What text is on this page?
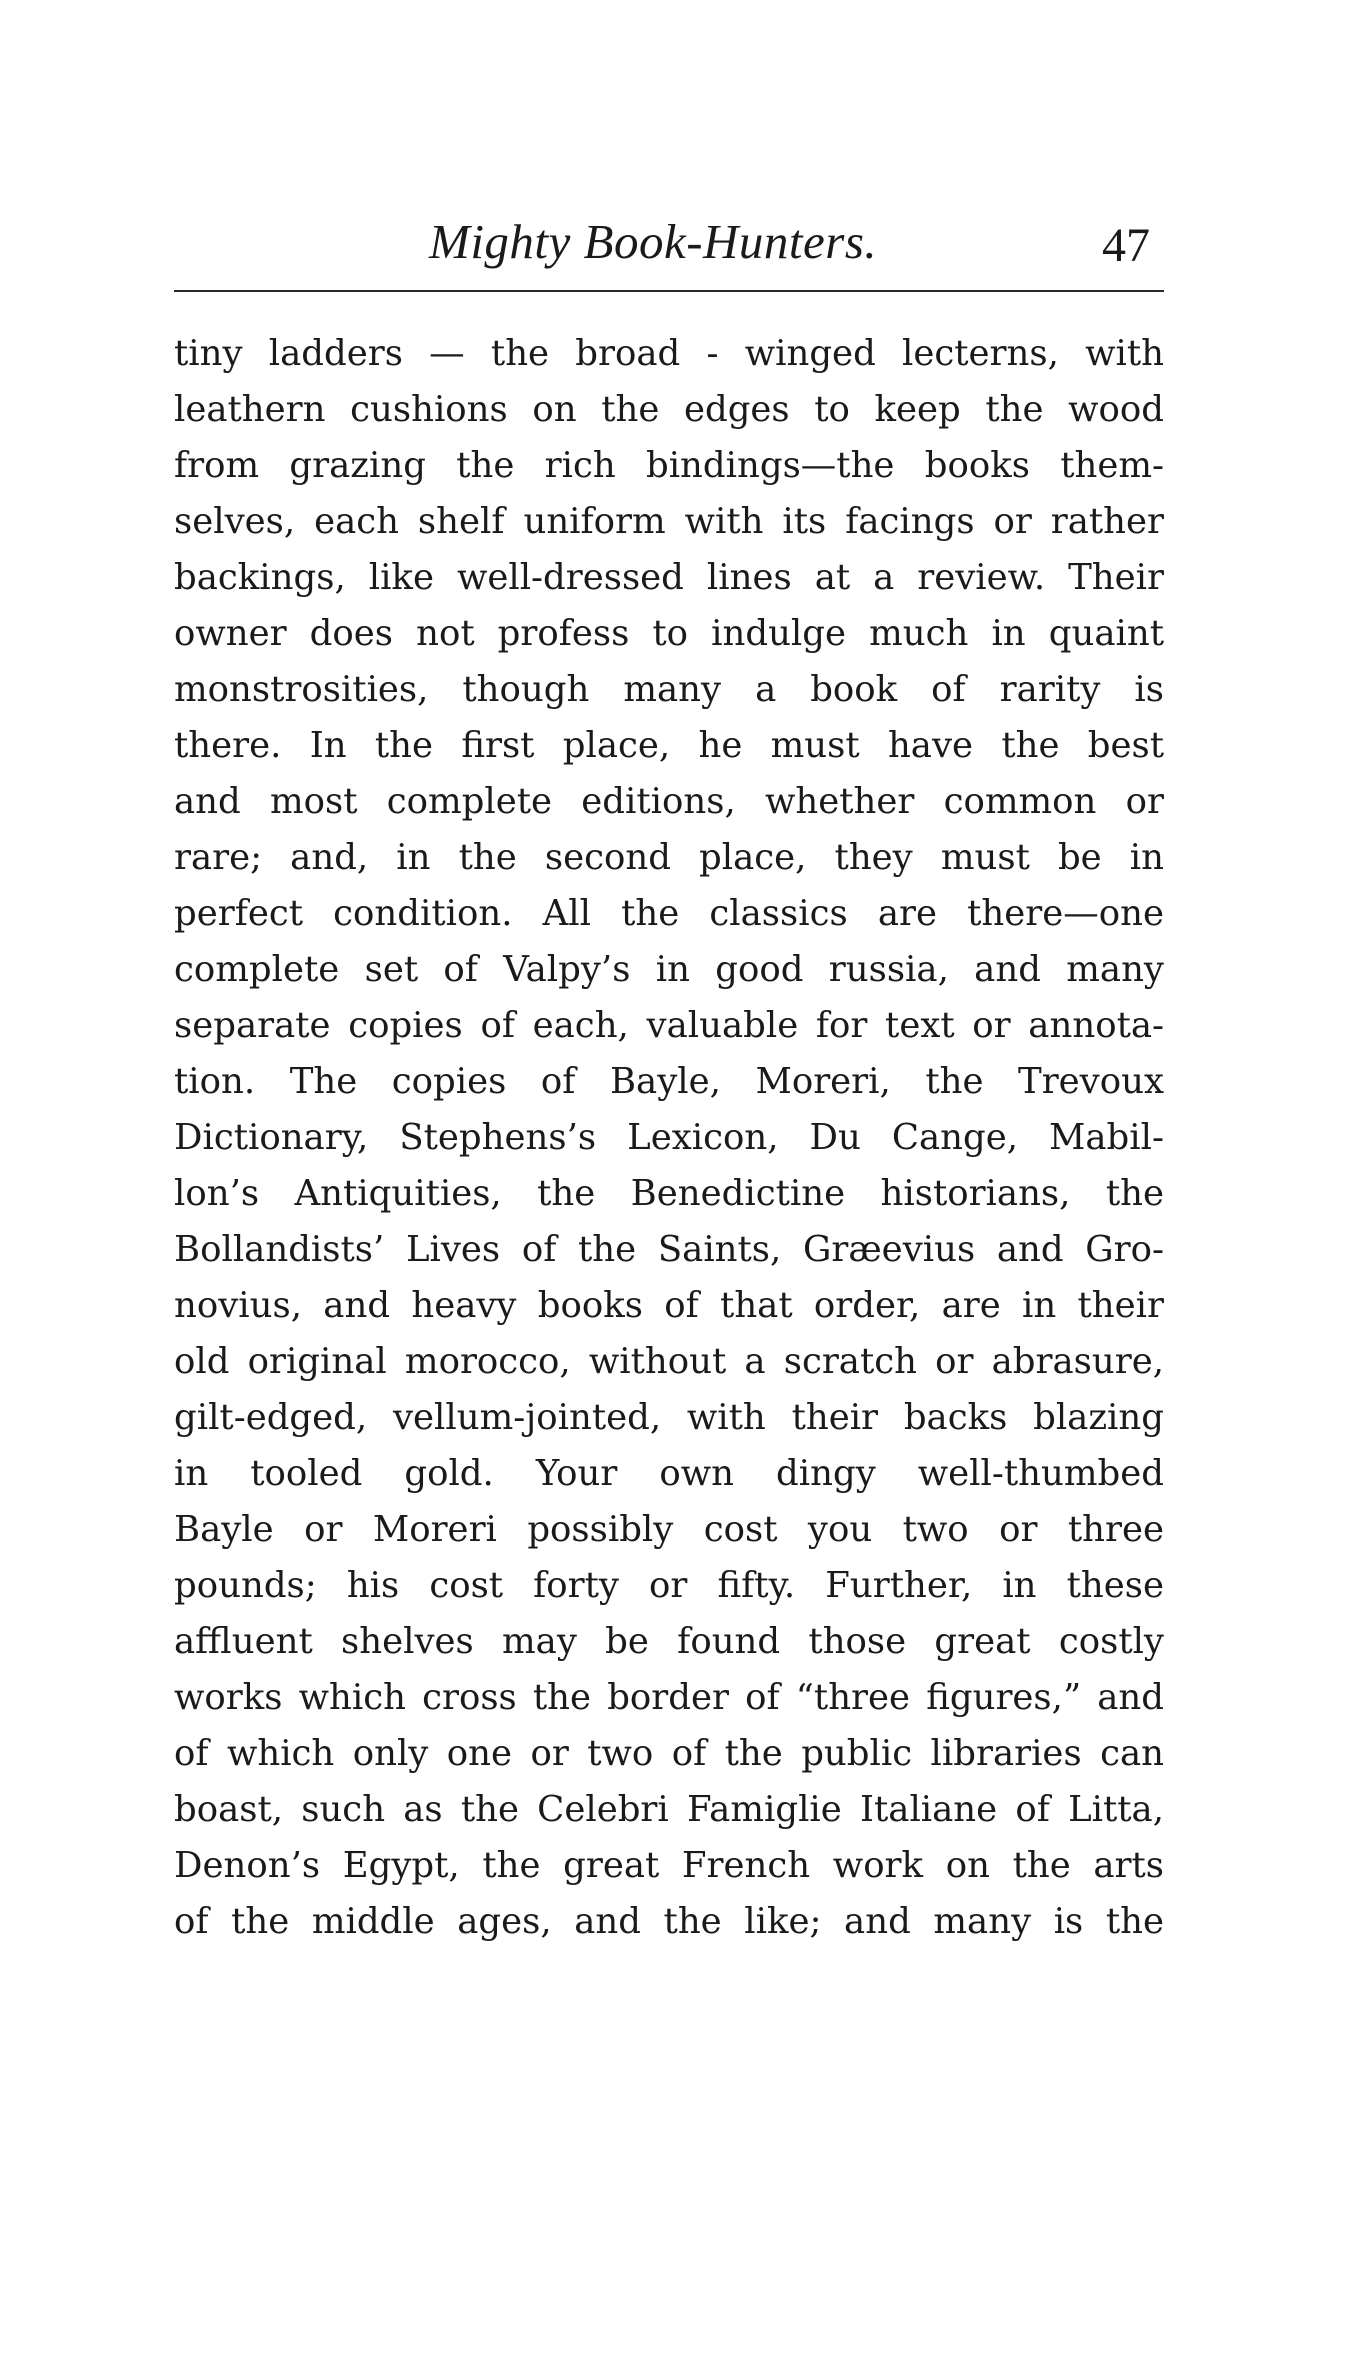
Mighty Book-Hunters.	47
tiny ladders — the broad - winged lecterns, with
leathern cushions on the edges to keep the wood
from grazing the rich bindings—the books them-
selves, each shelf uniform with its facings or rather
backings, like well-dressed lines at a review. Their
owner does not profess to indulge much in quaint
monstrosities, though many a book of rarity is
there. In the first place, he must have the best
and most complete editions, whether common or
rare; and, in the second place, they must be in
perfect condition. All the classics are there—one
complete set of Valpy’s in good russia, and many
separate copies of each, valuable for text or annota-
tion. The copies of Bayle, Moreri, the Trevoux
Dictionary, Stephens’s Lexicon, Du Cange, Mabil-
lon’s Antiquities, the Benedictine historians, the
Bollandists’ Lives of the Saints, Græevius and Gro-
novius, and heavy books of that order, are in their
old original morocco, without a scratch or abrasure,
gilt-edged, vellum-jointed, with their backs blazing
in tooled gold. Your own dingy well-thumbed
Bayle or Moreri possibly cost you two or three
pounds; his cost forty or fifty. Further, in these
affluent shelves may be found those great costly
works which cross the border of “three figures,” and
of which only one or two of the public libraries can
boast, such as the Celebri Famiglie Italiane of Litta,
Denon’s Egypt, the great French work on the arts
of the middle ages, and the like; and many is the
